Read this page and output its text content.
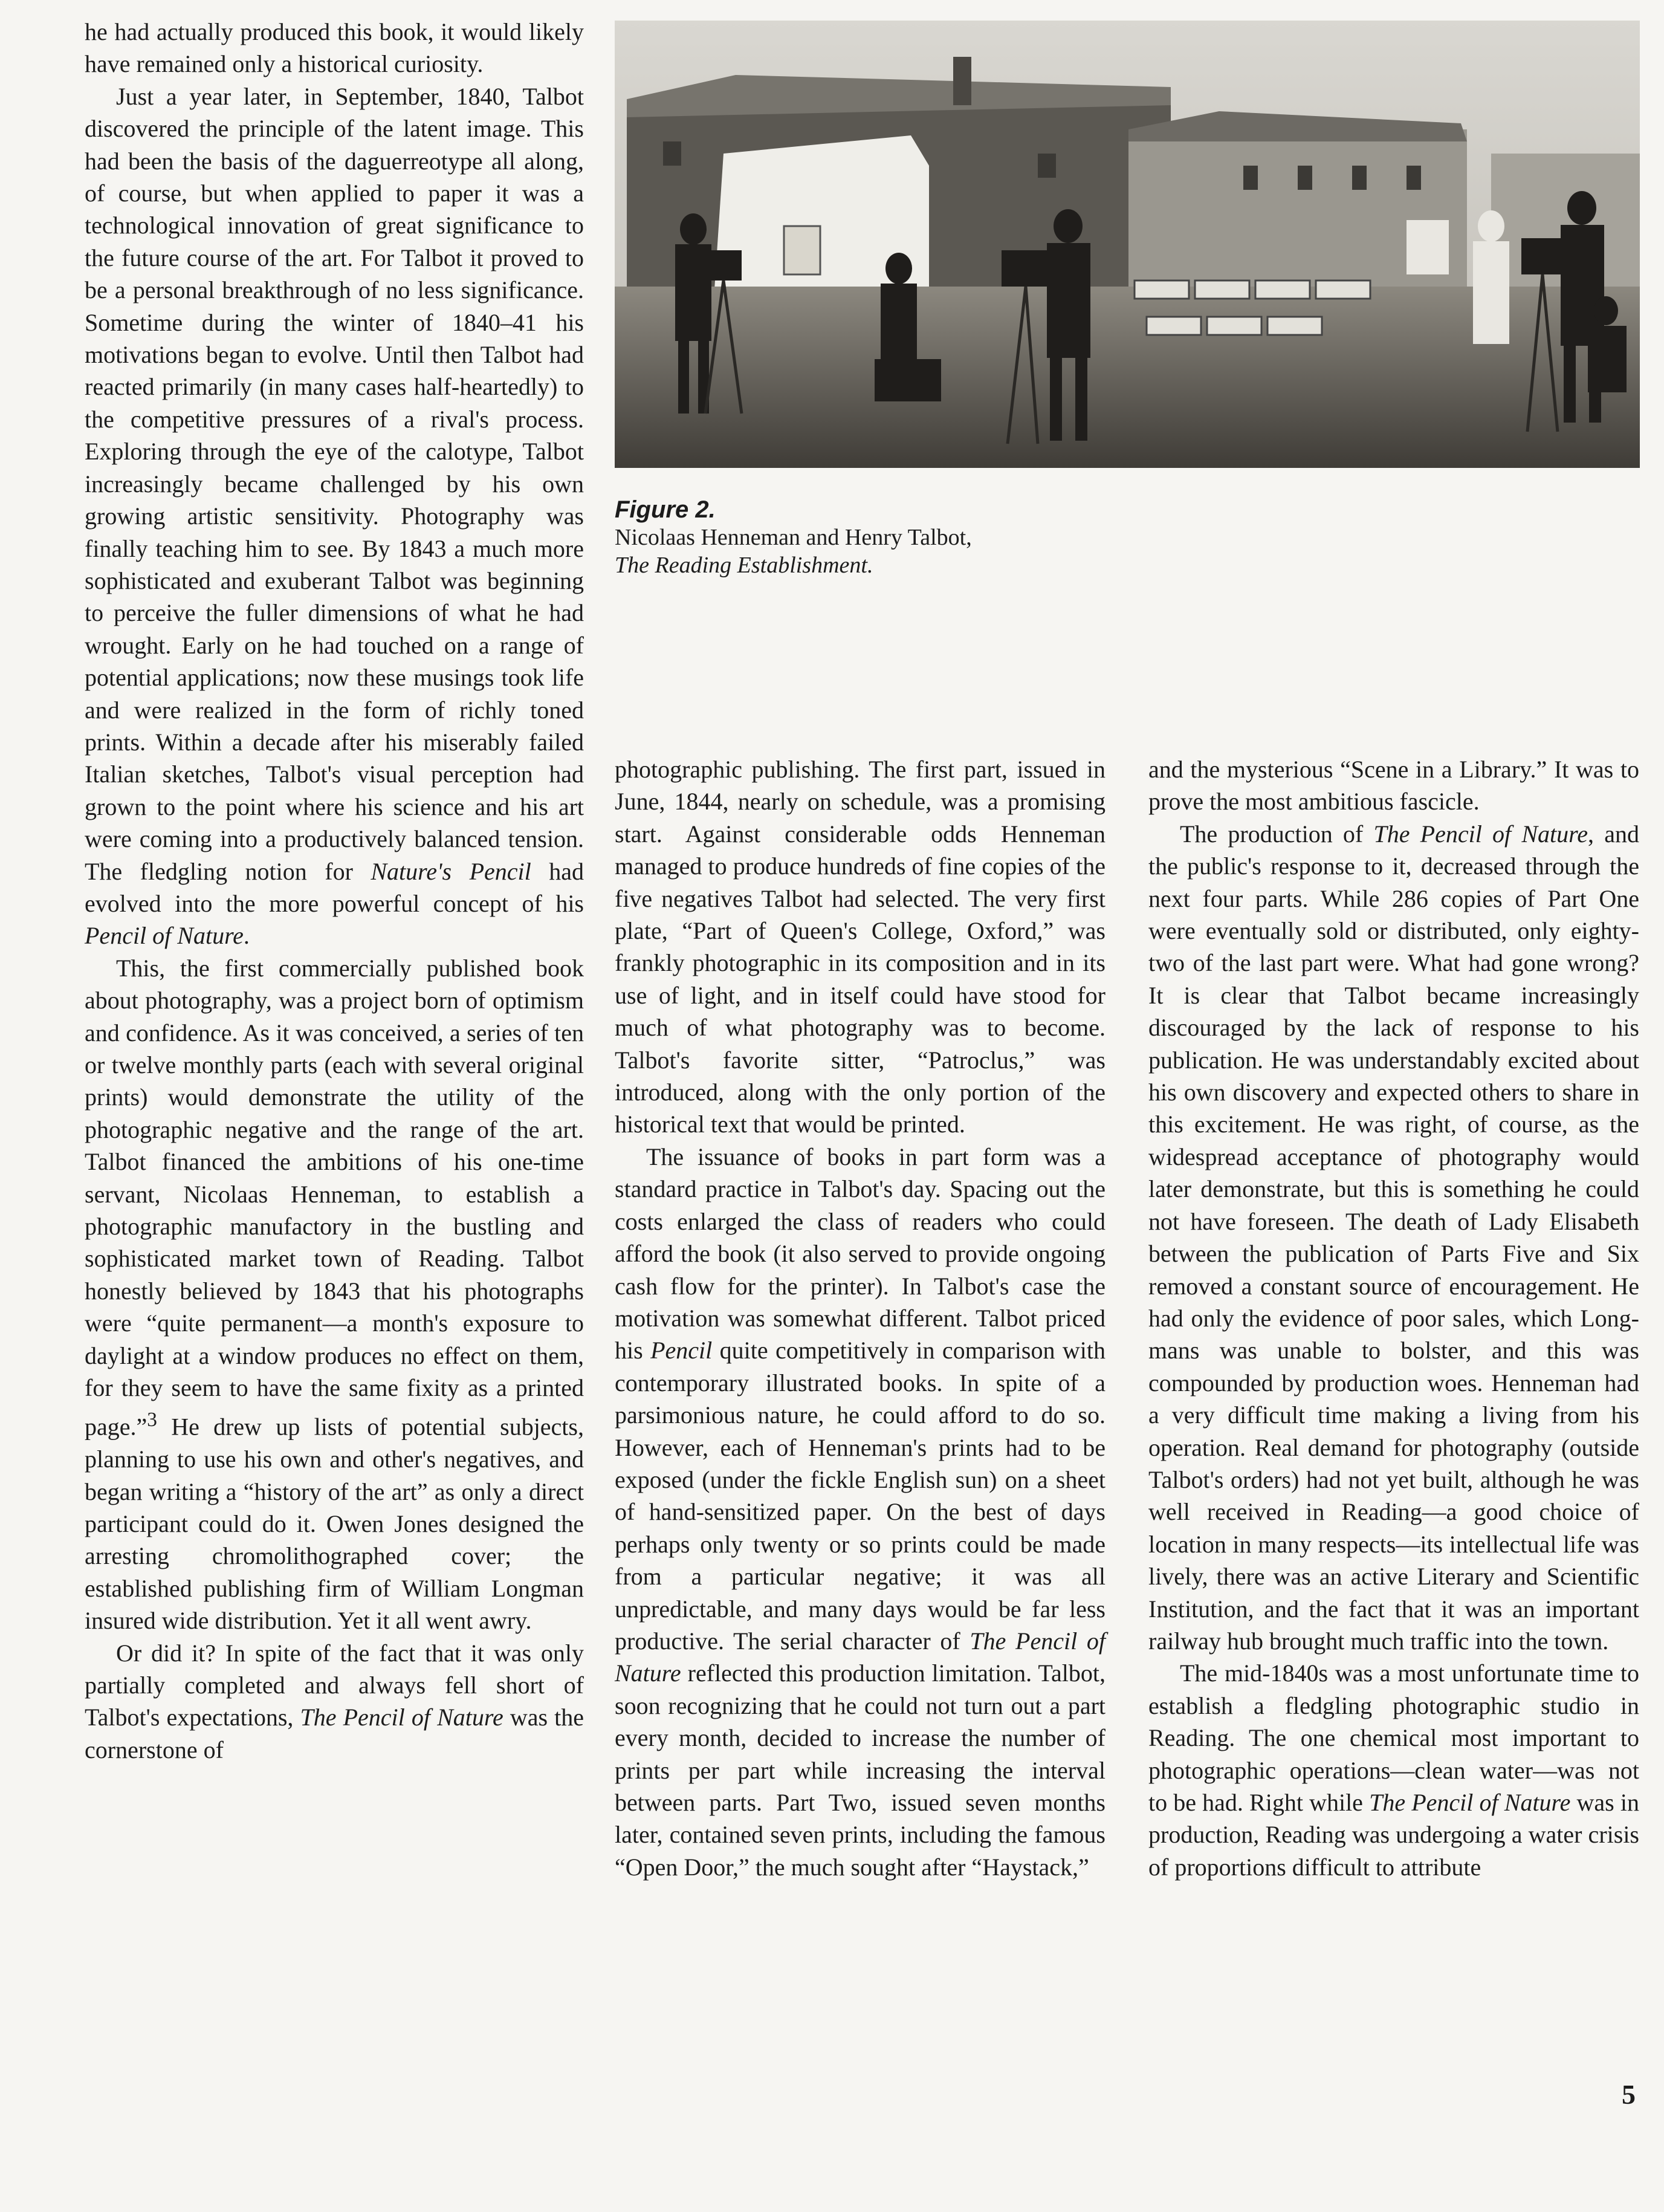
he had actually produced this book, it would likely have remained only a historical curiosity.

Just a year later, in September, 1840, Talbot discovered the principle of the latent image. This had been the basis of the daguerreotype all along, of course, but when applied to paper it was a technological innovation of great significance to the future course of the art. For Talbot it proved to be a personal breakthrough of no less significance. Sometime during the winter of 1840–41 his motivations began to evolve. Until then Talbot had reacted primarily (in many cases half-heartedly) to the competitive pressures of a rival's process. Exploring through the eye of the calotype, Talbot increasingly became challenged by his own growing artistic sensitivity. Photography was finally teaching him to see. By 1843 a much more sophisticated and exuberant Talbot was beginning to perceive the fuller dimensions of what he had wrought. Early on he had touched on a range of potential applications; now these musings took life and were realized in the form of richly toned prints. Within a decade after his miserably failed Italian sketches, Talbot's visual perception had grown to the point where his science and his art were coming into a productively balanced tension. The fledgling notion for Nature's Pencil had evolved into the more powerful concept of his Pencil of Nature.

This, the first commercially published book about photography, was a project born of optimism and confidence. As it was conceived, a series of ten or twelve monthly parts (each with several original prints) would demonstrate the utility of the photographic negative and the range of the art. Talbot financed the ambitions of his one-time servant, Nicolaas Henneman, to establish a photographic manufactory in the bustling and sophisticated market town of Reading. Talbot honestly believed by 1843 that his photographs were “quite permanent—a month's exposure to daylight at a window produces no effect on them, for they seem to have the same fixity as a printed page.”$^3$ He drew up lists of potential subjects, planning to use his own and other's negatives, and began writing a “history of the art” as only a direct participant could do it. Owen Jones designed the arresting chromolithographed cover; the established publishing firm of William Longman insured wide distribution. Yet it all went awry.

Or did it? In spite of the fact that it was only partially completed and always fell short of Talbot's expectations, The Pencil of Nature was the cornerstone of

Figure 2.
Nicolaas Henneman and Henry Talbot,
The Reading Establishment.

photographic publishing. The first part, issued in June, 1844, nearly on schedule, was a promising start. Against considerable odds Henneman managed to produce hundreds of fine copies of the five negatives Talbot had selected. The very first plate, “Part of Queen's College, Oxford,” was frankly photographic in its composition and in its use of light, and in itself could have stood for much of what photography was to become. Talbot's favorite sitter, “Patroclus,” was introduced, along with the only portion of the historical text that would be printed.

The issuance of books in part form was a standard practice in Talbot's day. Spacing out the costs enlarged the class of readers who could afford the book (it also served to provide ongoing cash flow for the printer). In Talbot's case the motivation was somewhat different. Talbot priced his Pencil quite competitively in comparison with contemporary illustrated books. In spite of a parsimonious nature, he could afford to do so. However, each of Henneman's prints had to be exposed (under the fickle English sun) on a sheet of hand-sensitized paper. On the best of days perhaps only twenty or so prints could be made from a particular negative; it was all unpredictable, and many days would be far less productive. The serial character of The Pencil of Nature reflected this production limitation. Talbot, soon recognizing that he could not turn out a part every month, decided to increase the number of prints per part while increasing the interval between parts. Part Two, issued seven months later, contained seven prints, including the famous “Open Door,” the much sought after “Haystack,”

and the mysterious “Scene in a Library.” It was to prove the most ambitious fascicle.

The production of The Pencil of Nature, and the public's response to it, decreased through the next four parts. While 286 copies of Part One were eventually sold or distributed, only eighty-two of the last part were. What had gone wrong? It is clear that Talbot became increasingly discouraged by the lack of response to his publication. He was understandably excited about his own discovery and expected others to share in this excitement. He was right, of course, as the widespread acceptance of photography would later demonstrate, but this is something he could not have foreseen. The death of Lady Elisabeth between the publication of Parts Five and Six removed a constant source of encouragement. He had only the evidence of poor sales, which Longmans was unable to bolster, and this was compounded by production woes. Henneman had a very difficult time making a living from his operation. Real demand for photography (outside Talbot's orders) had not yet built, although he was well received in Reading—a good choice of location in many respects—its intellectual life was lively, there was an active Literary and Scientific Institution, and the fact that it was an important railway hub brought much traffic into the town.

The mid-1840s was a most unfortunate time to establish a fledgling photographic studio in Reading. The one chemical most important to photographic operations—clean water—was not to be had. Right while The Pencil of Nature was in production, Reading was undergoing a water crisis of proportions difficult to attribute

5
